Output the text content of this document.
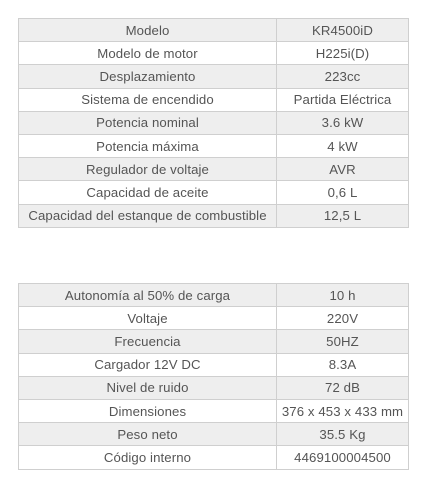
Modelo	KR4500iD
Modelo de motor	H225i(D)
Desplazamiento	223cc
Sistema de encendido	Partida Eléctrica
Potencia nominal	3.6 kW
Potencia máxima	4 kW
Regulador de voltaje	AVR
Capacidad de aceite	0,6 L
Capacidad del estanque de combustible	12,5 L
Autonomía al 50% de carga	10 h
Voltaje	220V
Frecuencia	50HZ
Cargador 12V DC	8.3A
Nivel de ruido	72 dB
Dimensiones	376 x 453 x 433 mm
Peso neto	35.5 Kg
Código interno	4469100004500
